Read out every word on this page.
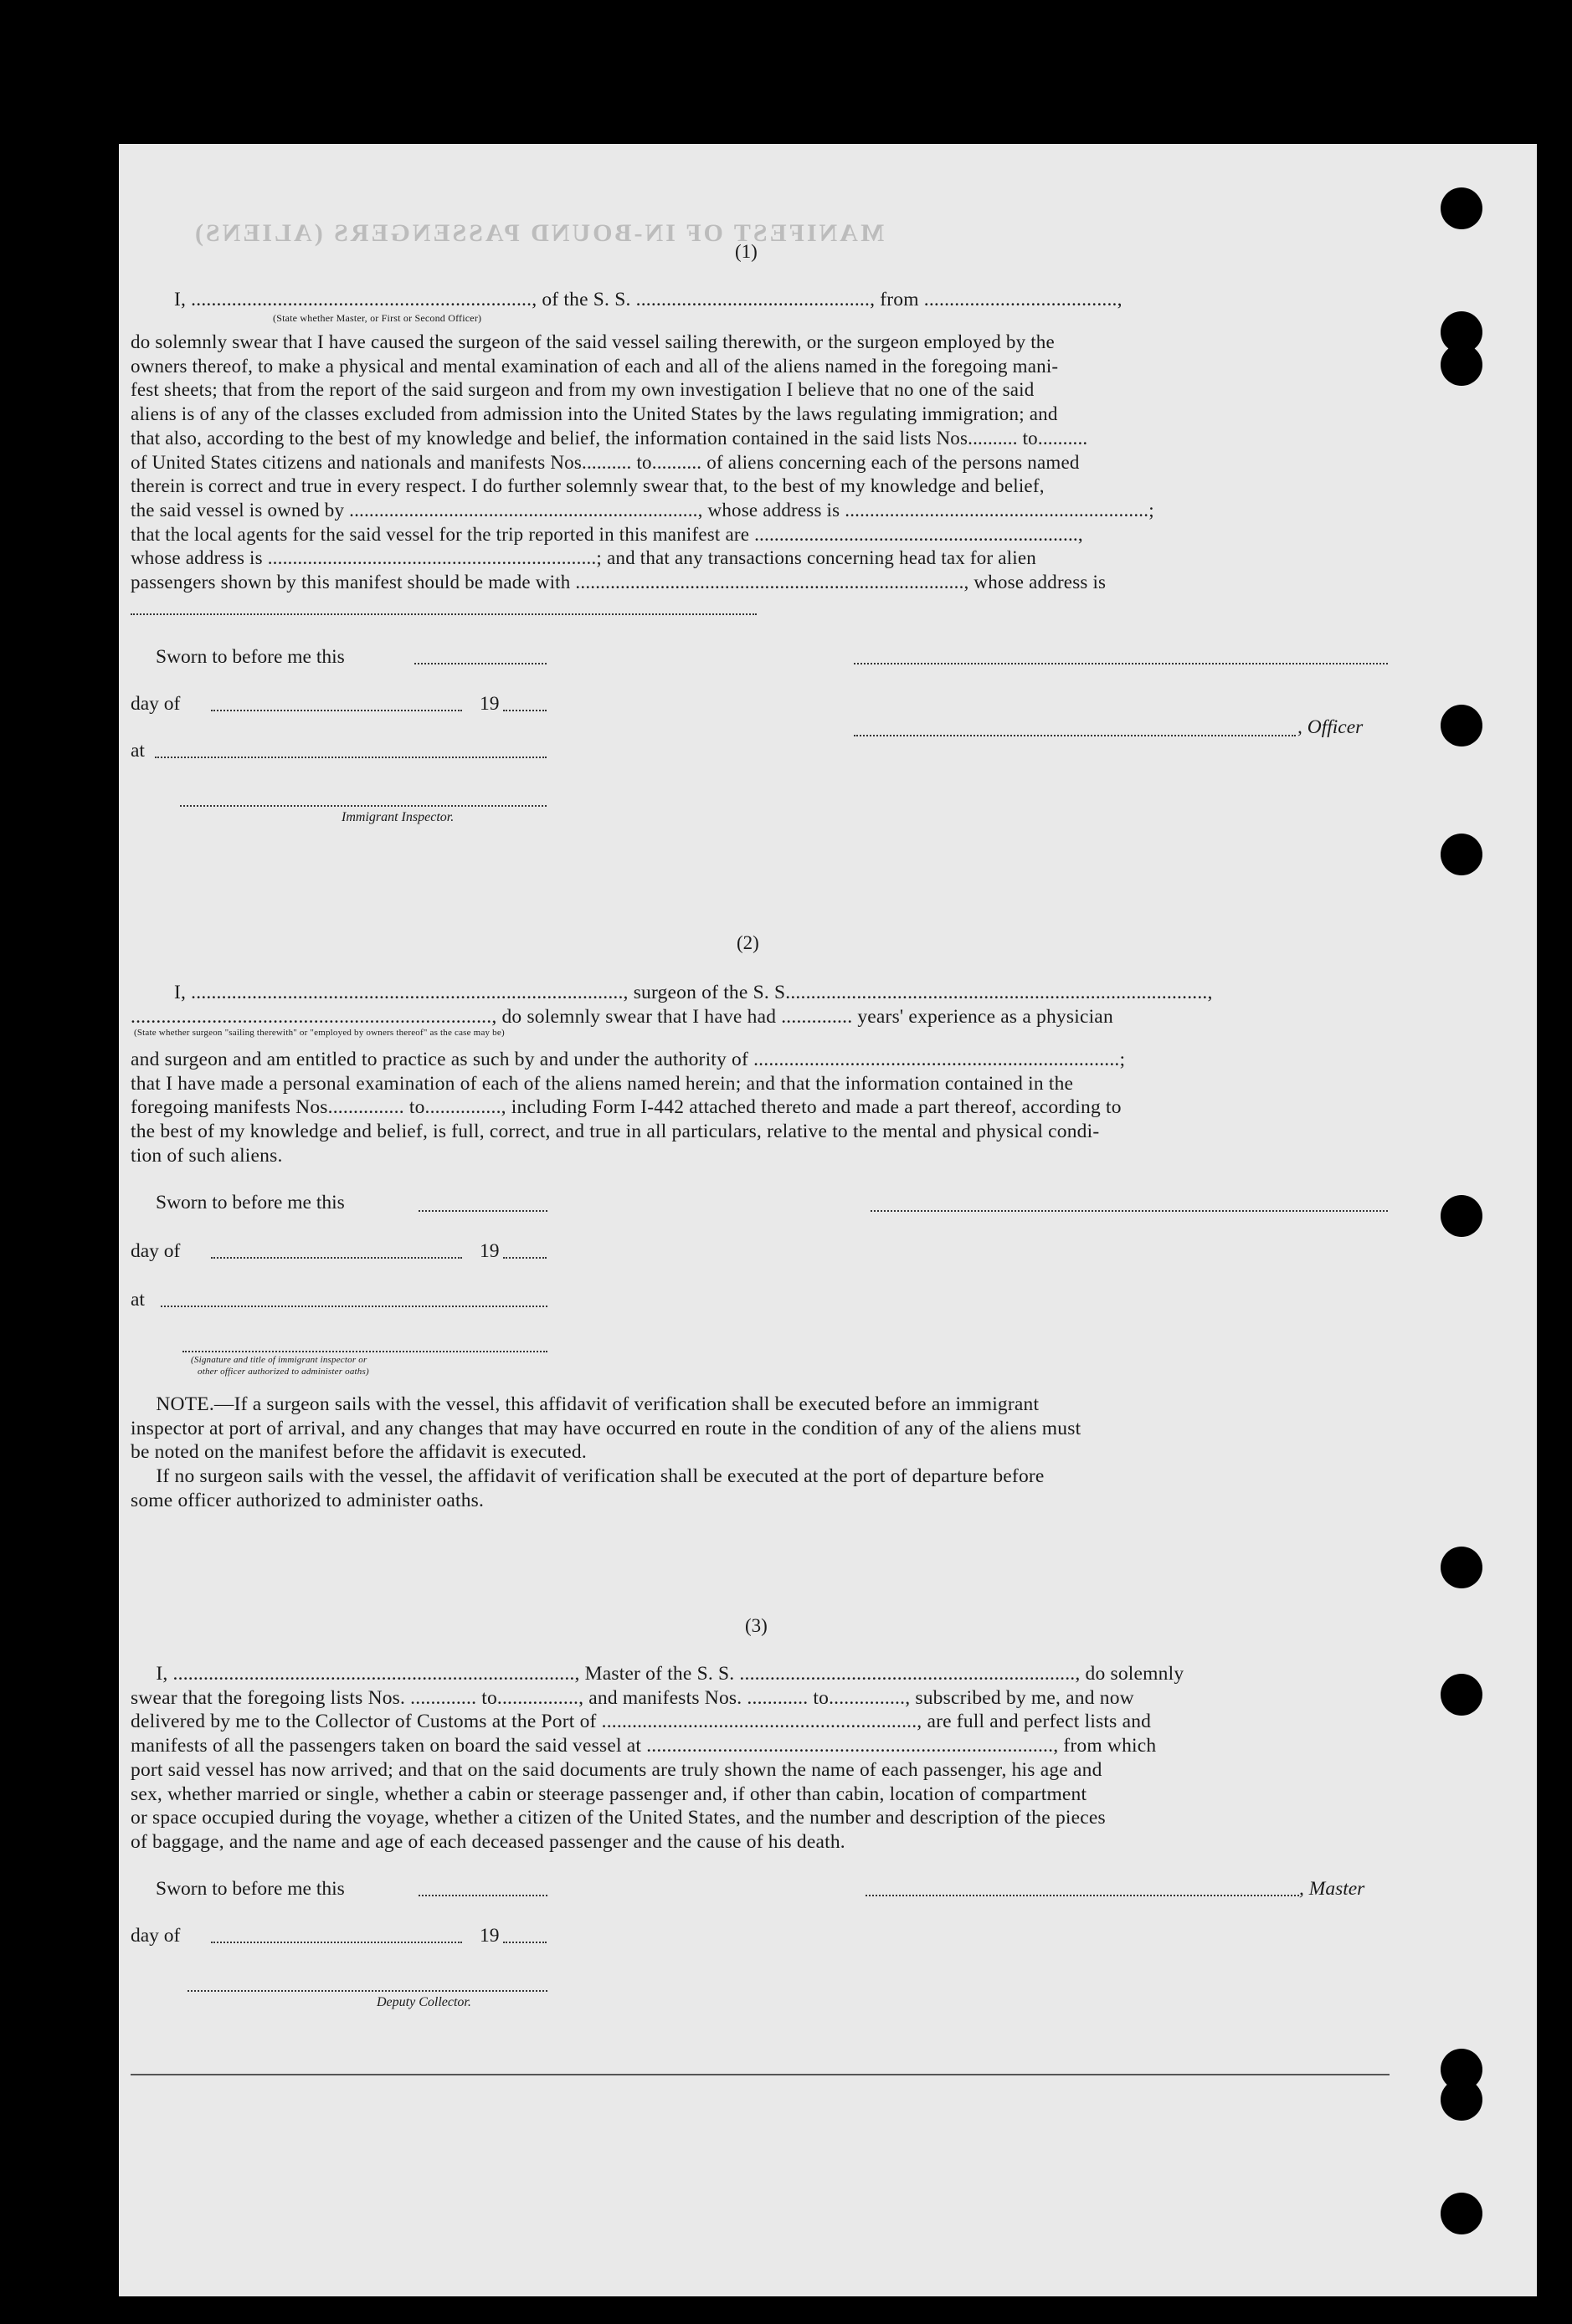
MANIFEST OF IN-BOUND PASSENGERS (ALIENS)
(1)
I, ..................................................................., of the S. S. .............................................., from ......................................,
(State whether Master, or First or Second Officer)
do solemnly swear that I have caused the surgeon of the said vessel sailing therewith, or the surgeon employed by the
owners thereof, to make a physical and mental examination of each and all of the aliens named in the foregoing mani-
fest sheets; that from the report of the said surgeon and from my own investigation I believe that no one of the said
aliens is of any of the classes excluded from admission into the United States by the laws regulating immigration; and
that also, according to the best of my knowledge and belief, the information contained in the said lists Nos.......... to..........
of United States citizens and nationals and manifests Nos.......... to.......... of aliens concerning each of the persons named
therein is correct and true in every respect. I do further solemnly swear that, to the best of my knowledge and belief,
the said vessel is owned by ......................................................................, whose address is .............................................................;
that the local agents for the said vessel for the trip reported in this manifest are .................................................................,
whose address is ..................................................................; and that any transactions concerning head tax for alien
passengers shown by this manifest should be made with .............................................................................., whose address is
Sworn to before me this
day of	19
, Officer
at
Immigrant Inspector.
(2)
I, ....................................................................................., surgeon of the S. S...................................................................................,
......................................................................., do solemnly swear that I have had .............. years' experience as a physician
(State whether surgeon "sailing therewith" or "employed by owners thereof" as the case may be)
and surgeon and am entitled to practice as such by and under the authority of ........................................................................;
that I have made a personal examination of each of the aliens named herein; and that the information contained in the
foregoing manifests Nos............... to..............., including Form I-442 attached thereto and made a part thereof, according to
the best of my knowledge and belief, is full, correct, and true in all particulars, relative to the mental and physical condi-
tion of such aliens.
Sworn to before me this
day of	19
at
(Signature and title of immigrant inspector or
other officer authorized to administer oaths)
NOTE.—If a surgeon sails with the vessel, this affidavit of verification shall be executed before an immigrant
inspector at port of arrival, and any changes that may have occurred en route in the condition of any of the aliens must
be noted on the manifest before the affidavit is executed.
If no surgeon sails with the vessel, the affidavit of verification shall be executed at the port of departure before
some officer authorized to administer oaths.
(3)
I, ..............................................................................., Master of the S. S. .................................................................., do solemnly
swear that the foregoing lists Nos. ............. to................, and manifests Nos. ............ to..............., subscribed by me, and now
delivered by me to the Collector of Customs at the Port of .............................................................., are full and perfect lists and
manifests of all the passengers taken on board the said vessel at ................................................................................, from which
port said vessel has now arrived; and that on the said documents are truly shown the name of each passenger, his age and
sex, whether married or single, whether a cabin or steerage passenger and, if other than cabin, location of compartment
or space occupied during the voyage, whether a citizen of the United States, and the number and description of the pieces
of baggage, and the name and age of each deceased passenger and the cause of his death.
Sworn to before me this	, Master
day of	19
Deputy Collector.
